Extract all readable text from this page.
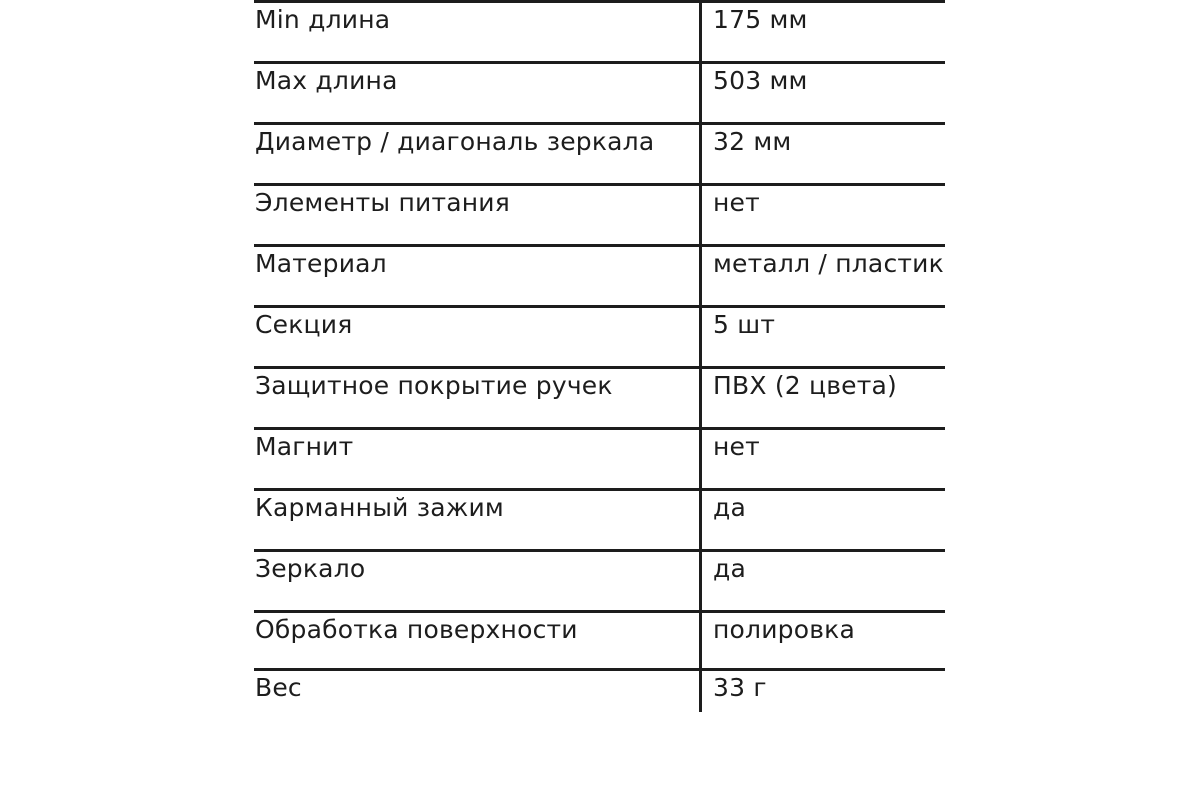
Min длина	175 мм
Max длина	503 мм
Диаметр / диагональ зеркала 32 мм
Элементы питания	нет
Материал	металл / пластик
Секция	5 шт
Защитное покрытие ручек	ПВХ (2 цвета)
Магнит	нет
Карманный зажим	да
Зеркало	да
Обработка поверхности	полировка
Вес	33 г
